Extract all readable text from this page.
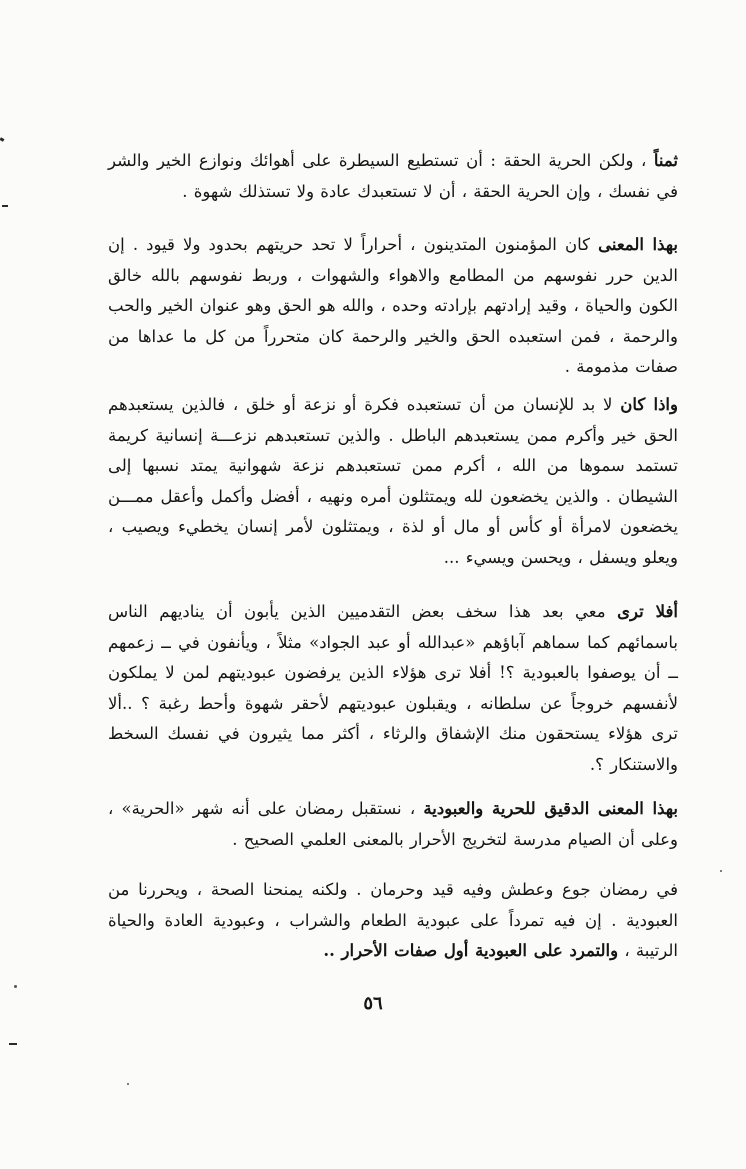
ثمناً ، ولكن الحرية الحقة : أن تستطيع السيطرة على أهوائك ونوازع الخير والشر في نفسك ، وإن الحرية الحقة ، أن لا تستعبدك عادة ولا تستذلك شهوة .

بهذا المعنى كان المؤمنون المتدينون ، أحراراً لا تحد حريتهم بحدود ولا قيود . إن الدين حرر نفوسهم من المطامع والاهواء والشهوات ، وربط نفوسهم بالله خالق الكون والحياة ، وقيد إرادتهم بإرادته وحده ، والله هو الحق وهو عنوان الخير والحب والرحمة ، فمن استعبده الحق والخير والرحمة كان متحرراً من كل ما عداها من صفات مذمومة .

واذا كان لا بد للإنسان من أن تستعبده فكرة أو نزعة أو خلق ، فالذين يستعبدهم الحق خير وأكرم ممن يستعبدهم الباطل . والذين تستعبدهم نزعـــة إنسانية كريمة تستمد سموها من الله ، أكرم ممن تستعبدهم نزعة شهوانية يمتد نسبها إلى الشيطان . والذين يخضعون لله ويمتثلون أمره ونهيه ، أفضل وأكمل وأعقل ممـــن يخضعون لامرأة أو كأس أو مال أو لذة ، ويمتثلون لأمر إنسان يخطيء ويصيب ، ويعلو ويسفل ، ويحسن ويسيء ...

أفلا ترى معي بعد هذا سخف بعض التقدميين الذين يأبون أن يناديهم الناس باسمائهم كما سماهم آباؤهم «عبدالله أو عبد الجواد» مثلاً ، ويأنفون في ــ زعمهم ــ أن يوصفوا بالعبودية ؟! أفلا ترى هؤلاء الذين يرفضون عبوديتهم لمن لا يملكون لأنفسهم خروجاً عن سلطانه ، ويقبلون عبوديتهم لأحقر شهوة وأحط رغبة ؟ ..ألا ترى هؤلاء يستحقون منك الإشفاق والرثاء ، أكثر مما يثيرون في نفسك السخط والاستنكار ؟.

بهذا المعنى الدقيق للحرية والعبودية ، نستقبل رمضان على أنه شهر «الحرية» ، وعلى أن الصيام مدرسة لتخريج الأحرار بالمعنى العلمي الصحيح .

في رمضان جوع وعطش وفيه قيد وحرمان . ولكنه يمنحنا الصحة ، ويحررنا من العبودية . إن فيه تمرداً على عبودية الطعام والشراب ، وعبودية العادة والحياة الرتيبة ، والتمرد على العبودية أول صفات الأحرار ..

٥٦
